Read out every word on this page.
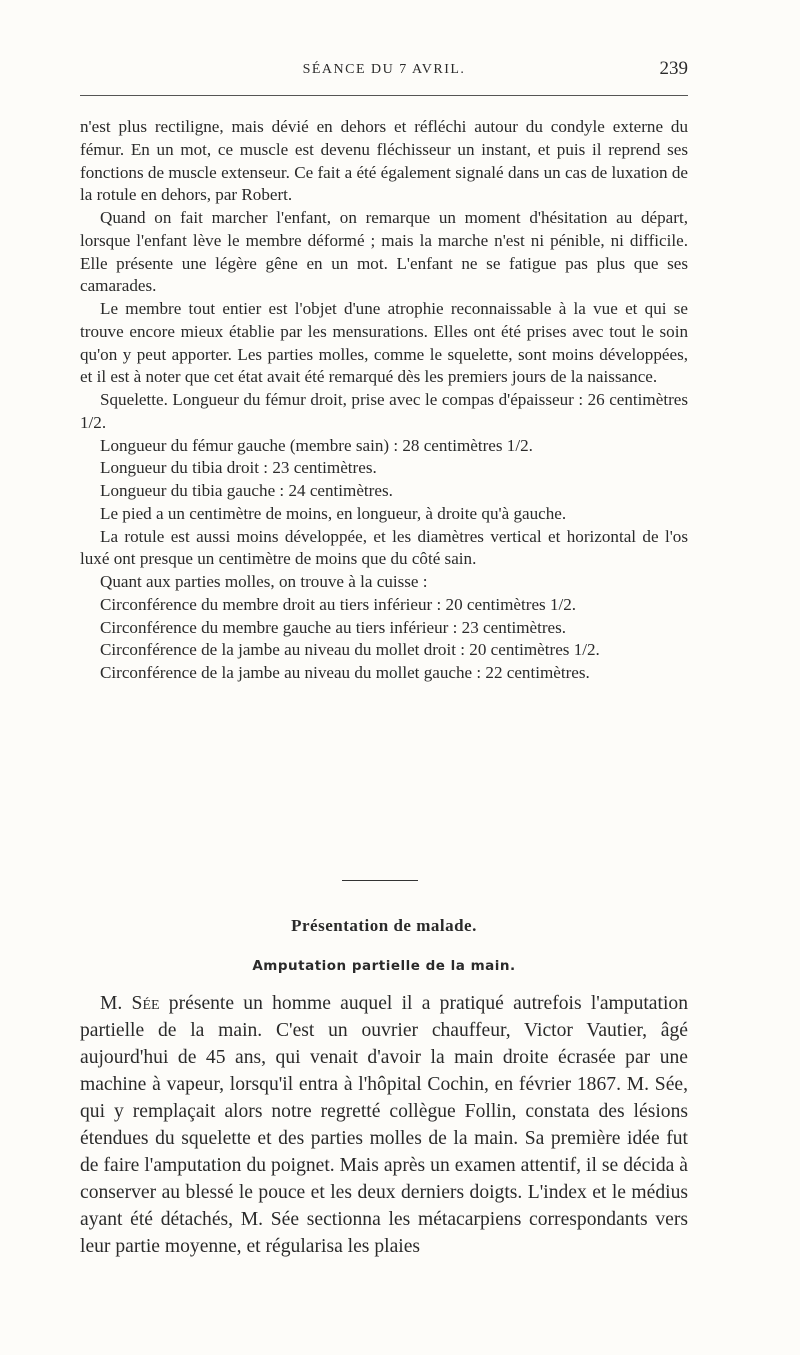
SÉANCE DU 7 AVRIL.	239

n'est plus rectiligne, mais dévié en dehors et réfléchi autour du condyle externe du fémur. En un mot, ce muscle est devenu fléchisseur un instant, et puis il reprend ses fonctions de muscle extenseur. Ce fait a été également signalé dans un cas de luxation de la rotule en dehors, par Robert.

Quand on fait marcher l'enfant, on remarque un moment d'hésitation au départ, lorsque l'enfant lève le membre déformé ; mais la marche n'est ni pénible, ni difficile. Elle présente une légère gêne en un mot. L'enfant ne se fatigue pas plus que ses camarades.

Le membre tout entier est l'objet d'une atrophie reconnaissable à la vue et qui se trouve encore mieux établie par les mensurations. Elles ont été prises avec tout le soin qu'on y peut apporter. Les parties molles, comme le squelette, sont moins développées, et il est à noter que cet état avait été remarqué dès les premiers jours de la naissance.

Squelette. Longueur du fémur droit, prise avec le compas d'épaisseur : 26 centimètres 1/2.

Longueur du fémur gauche (membre sain) : 28 centimètres 1/2.

Longueur du tibia droit : 23 centimètres.

Longueur du tibia gauche : 24 centimètres.

Le pied a un centimètre de moins, en longueur, à droite qu'à gauche.

La rotule est aussi moins développée, et les diamètres vertical et horizontal de l'os luxé ont presque un centimètre de moins que du côté sain.

Quant aux parties molles, on trouve à la cuisse :

Circonférence du membre droit au tiers inférieur : 20 centimètres 1/2.

Circonférence du membre gauche au tiers inférieur : 23 centimètres.

Circonférence de la jambe au niveau du mollet droit : 20 centimètres 1/2.

Circonférence de la jambe au niveau du mollet gauche : 22 centimètres.

Présentation de malade.
Amputation partielle de la main.

M. Sée présente un homme auquel il a pratiqué autrefois l'amputation partielle de la main. C'est un ouvrier chauffeur, Victor Vautier, âgé aujourd'hui de 45 ans, qui venait d'avoir la main droite écrasée par une machine à vapeur, lorsqu'il entra à l'hôpital Cochin, en février 1867. M. Sée, qui y remplaçait alors notre regretté collègue Follin, constata des lésions étendues du squelette et des parties molles de la main. Sa première idée fut de faire l'amputation du poignet. Mais après un examen attentif, il se décida à conserver au blessé le pouce et les deux derniers doigts. L'index et le médius ayant été détachés, M. Sée sectionna les métacarpiens correspondants vers leur partie moyenne, et régularisa les plaies
